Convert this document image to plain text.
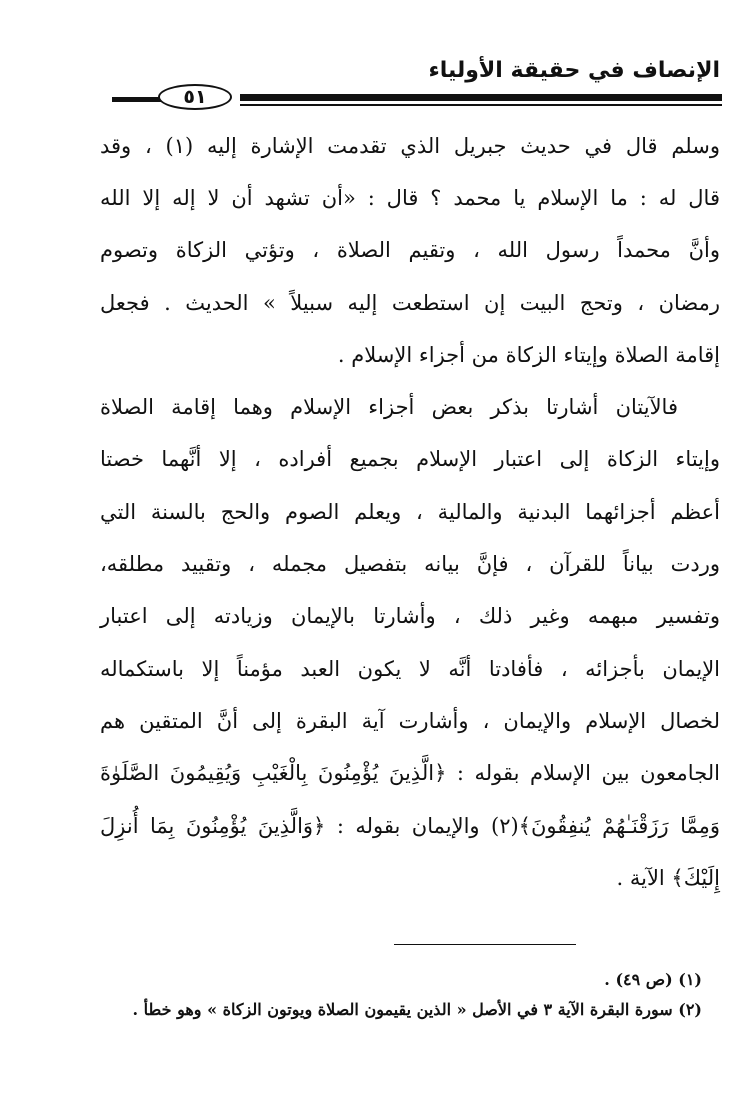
الإنصاف في حقيقة الأولياء
٥١
وسلم قال في حديث جبريل الذي تقدمت الإشارة إليه (١) ، وقد
قال له : ما الإسلام يا محمد ؟ قال : «أن تشهد أن لا إله إلا الله
وأنَّ محمداً رسول الله ، وتقيم الصلاة ، وتؤتي الزكاة وتصوم
رمضان ، وتحج البيت إن استطعت إليه سبيلاً » الحديث . فجعل
إقامة الصلاة وإيتاء الزكاة من أجزاء الإسلام .
فالآيتان أشارتا بذكر بعض أجزاء الإسلام وهما إقامة الصلاة
وإيتاء الزكاة إلى اعتبار الإسلام بجميع أفراده ، إلا أنَّهما خصتا
أعظم أجزائهما البدنية والمالية ، ويعلم الصوم والحج بالسنة التي
وردت بياناً للقرآن ، فإنَّ بيانه بتفصيل مجمله ، وتقييد مطلقه،
وتفسير مبهمه وغير ذلك ، وأشارتا بالإيمان وزيادته إلى اعتبار
الإيمان بأجزائه ، فأفادتا أنَّه لا يكون العبد مؤمناً إلا باستكماله
لخصال الإسلام والإيمان ، وأشارت آية البقرة إلى أنَّ المتقين هم
الجامعون بين الإسلام بقوله : ﴿الَّذِينَ يُؤْمِنُونَ بِالْغَيْبِ وَيُقِيمُونَ الصَّلَوٰةَ
وَمِمَّا رَزَقْنَـٰهُمْ يُنفِقُونَ﴾(٢) والإيمان بقوله : ﴿وَالَّذِينَ يُؤْمِنُونَ بِمَا أُنزِلَ
إِلَيْكَ﴾ الآية .
(١) (ص ٤٩) .
(٢) سورة البقرة الآية ٣ في الأصل « الذين يقيمون الصلاة ويوتون الزكاة » وهو خطأ .
